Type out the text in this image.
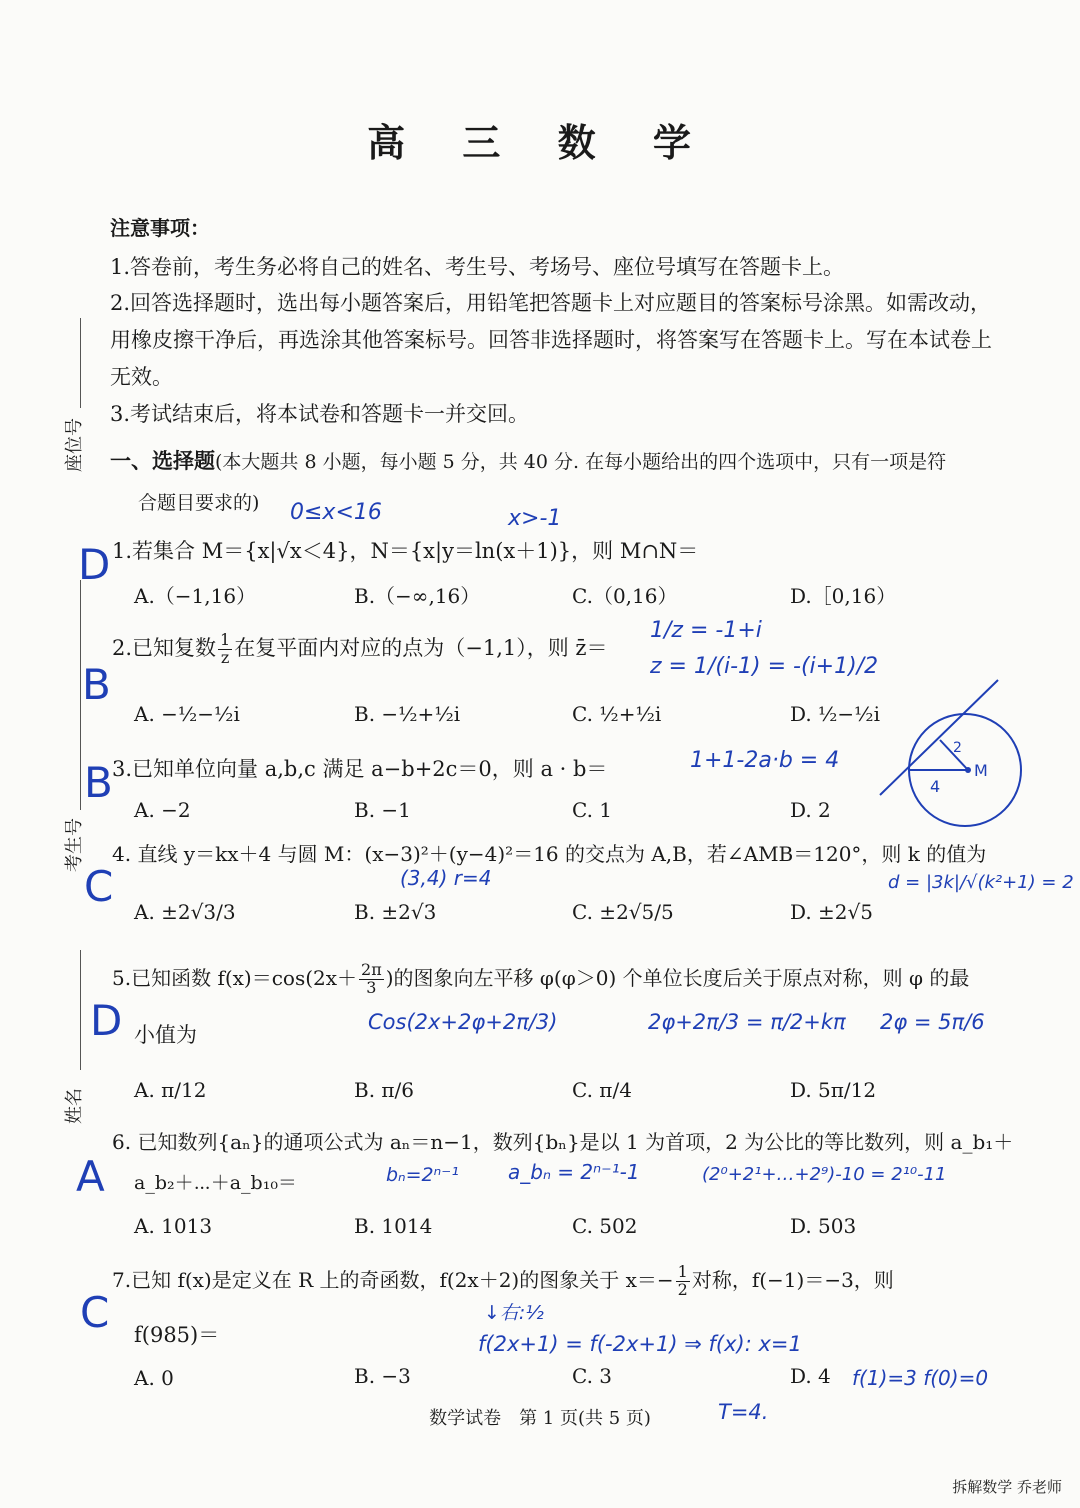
高 三 数 学
座位号
考生号
姓名
注意事项：
1.答卷前，考生务必将自己的姓名、考生号、考场号、座位号填写在答题卡上。
2.回答选择题时，选出每小题答案后，用铅笔把答题卡上对应题目的答案标号涂黑。如需改动，
用橡皮擦干净后，再选涂其他答案标号。回答非选择题时，将答案写在答题卡上。写在本试卷上
无效。
3.考试结束后，将本试卷和答题卡一并交回。
一、选择题(本大题共 8 小题，每小题 5 分，共 40 分. 在每小题给出的四个选项中，只有一项是符
合题目要求的)
1.若集合 M＝{x|√x＜4}，N＝{x|y＝ln(x＋1)}，则 M∩N＝
A.（−1,16）	B.（−∞,16）	C.（0,16）	D.［0,16）
2.已知复数 $\frac{1}{z}$ 在复平面内对应的点为（−1,1），则 z̄＝
A. −½−½i	B. −½+½i	C. ½+½i	D. ½−½i
3.已知单位向量 a,b,c 满足 a−b+2c＝0，则 a · b＝
A. −2	B. −1	C. 1	D. 2
4. 直线 y＝kx＋4 与圆 M：(x−3)²＋(y−4)²＝16 的交点为 A,B，若∠AMB＝120°，则 k 的值为
A. ±2√3/3	B. ±2√3	C. ±2√5/5	D. ±2√5
5.已知函数 $f(x)=\cos(2x+ \frac{2\pi}{3}$ )的图象向左平移 φ(φ＞0) 个单位长度后关于原点对称，则 φ 的最
小值为
A. π/12	B. π/6	C. π/4	D. 5π/12
6. 已知数列{aₙ}的通项公式为 aₙ＝n−1，数列{bₙ}是以 1 为首项，2 为公比的等比数列，则 a_b₁＋
a_b₂＋⋯＋a_b₁₀＝
A. 1013	B. 1014	C. 502	D. 503
7.已知 f(x)是定义在 R 上的奇函数，f(2x＋2)的图象关于 $x=- \frac{1}{2}$ 对称，f(−1)＝−3，则
f(985)＝
A. 0	B. −3	C. 3	D. 4
D
B
B
C
D
A
C
0≤x<16	x>-1
1/z = -1+i
z = 1/(i-1) = -(i+1)/2
1+1-2a·b = 4
(3,4) r=4	d = |3k|/√(k²+1) = 2
Cos(2x+2φ+2π/3)	2φ+2π/3 = π/2+kπ 2φ = 5π/6
bₙ=2ⁿ⁻¹ a_bₙ = 2ⁿ⁻¹-1	(2⁰+2¹+…+2⁹)-10 = 2¹⁰-11
↓右:½
f(2x+1) = f(-2x+1) ⇒ f(x): x=1
f(1)=3 f(0)=0
T=4.
2
M
4
数学试卷　第 1 页(共 5 页)
拆解数学 乔老师
